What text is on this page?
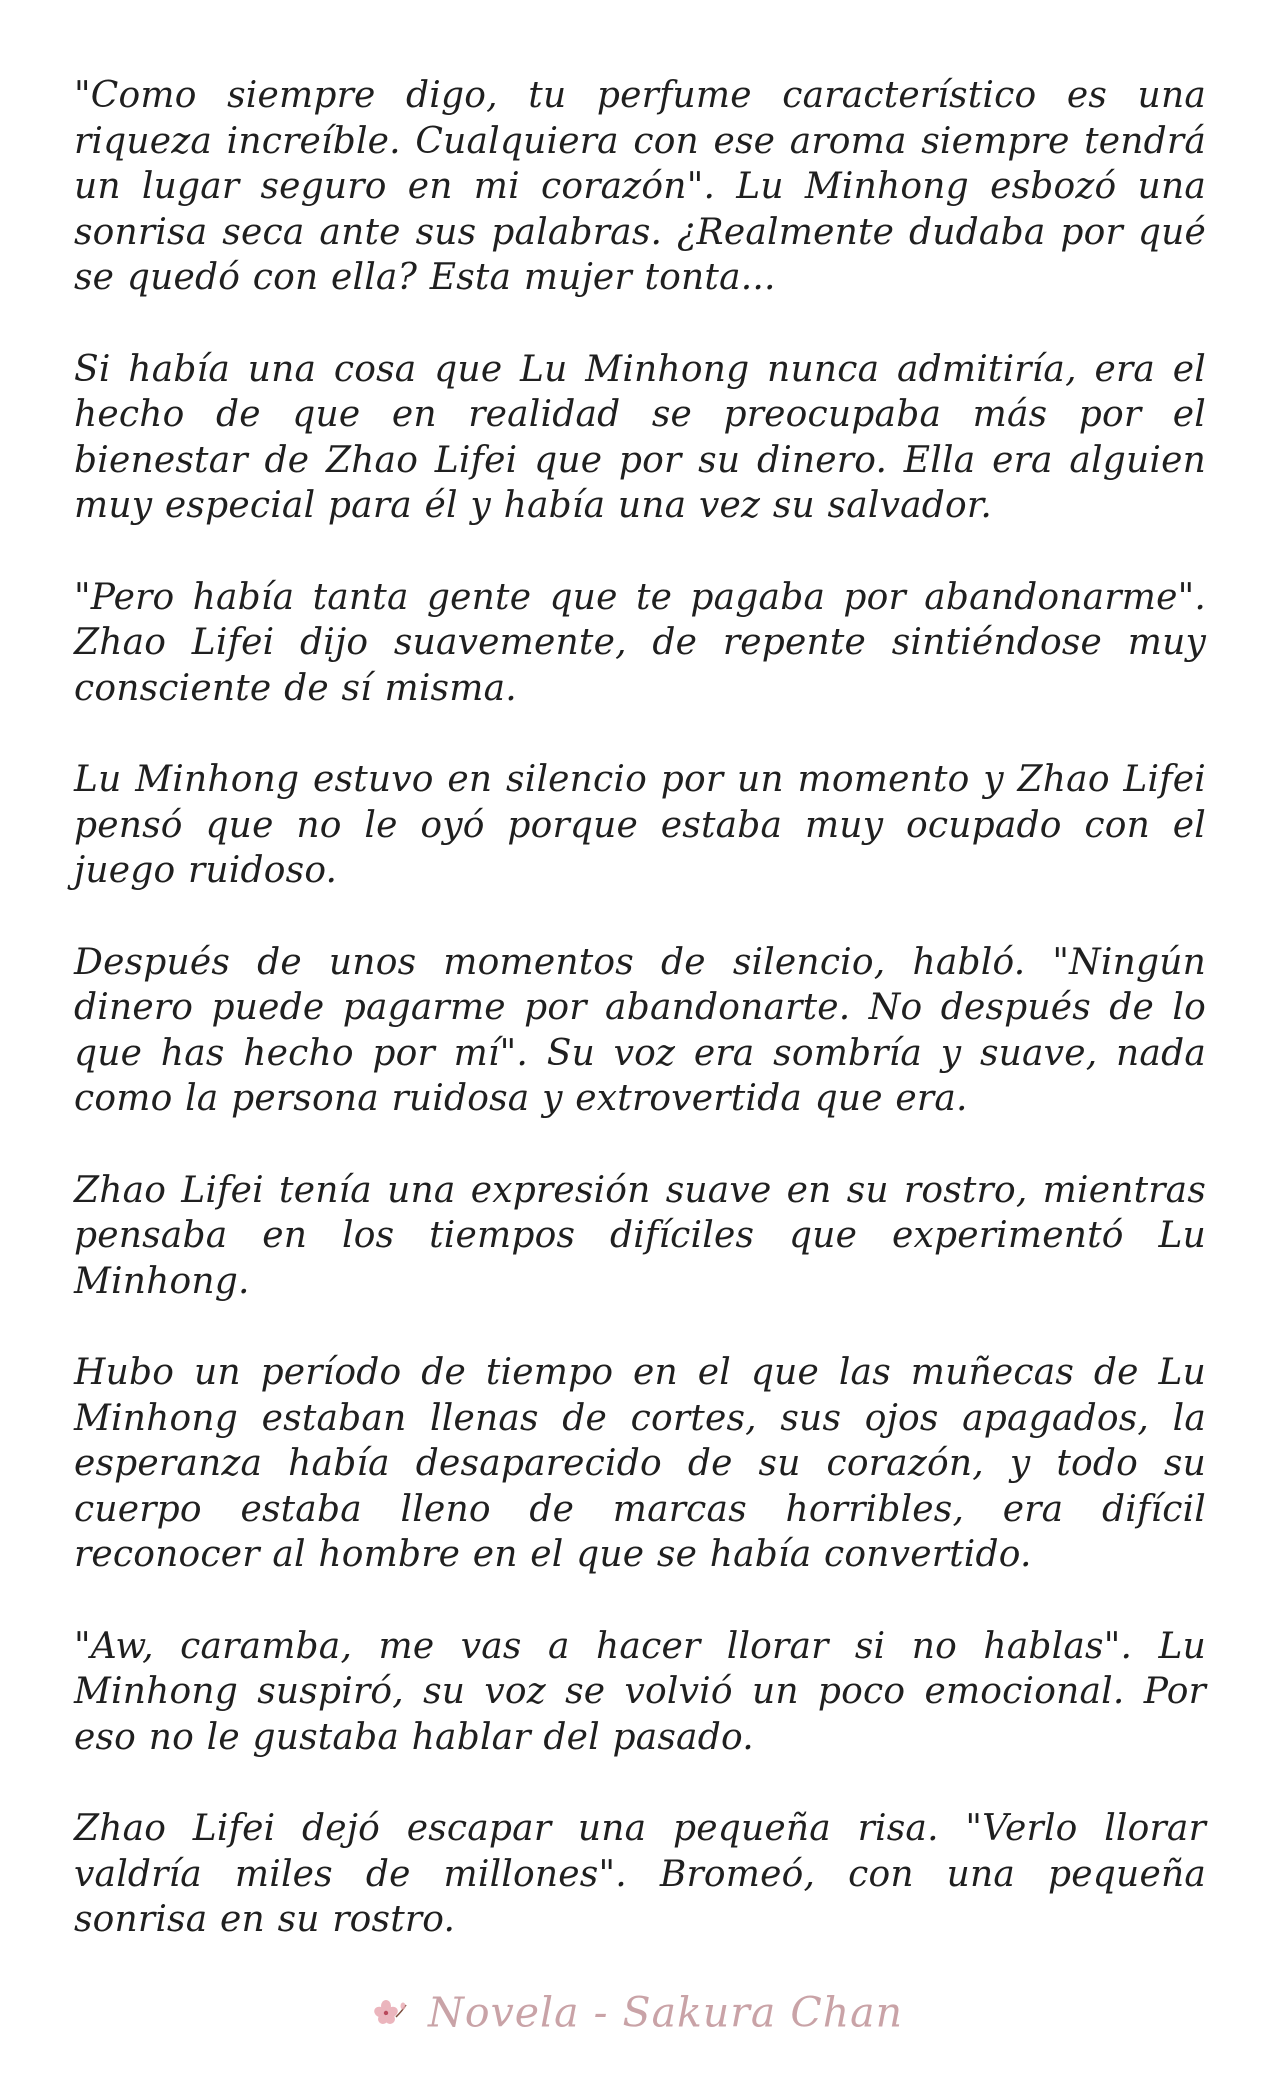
"Como siempre digo, tu perfume característico es una riqueza increíble. Cualquiera con ese aroma siempre tendrá un lugar seguro en mi corazón". Lu Minhong esbozó una sonrisa seca ante sus palabras. ¿Realmente dudaba por qué se quedó con ella? Esta mujer tonta...

Si había una cosa que Lu Minhong nunca admitiría, era el hecho de que en realidad se preocupaba más por el bienestar de Zhao Lifei que por su dinero. Ella era alguien muy especial para él y había una vez su salvador.

"Pero había tanta gente que te pagaba por abandonarme". Zhao Lifei dijo suavemente, de repente sintiéndose muy consciente de sí misma.

Lu Minhong estuvo en silencio por un momento y Zhao Lifei pensó que no le oyó porque estaba muy ocupado con el juego ruidoso.

Después de unos momentos de silencio, habló. "Ningún dinero puede pagarme por abandonarte. No después de lo que has hecho por mí". Su voz era sombría y suave, nada como la persona ruidosa y extrovertida que era.

Zhao Lifei tenía una expresión suave en su rostro, mientras pensaba en los tiempos difíciles que experimentó Lu Minhong.

Hubo un período de tiempo en el que las muñecas de Lu Minhong estaban llenas de cortes, sus ojos apagados, la esperanza había desaparecido de su corazón, y todo su cuerpo estaba lleno de marcas horribles, era difícil reconocer al hombre en el que se había convertido.

"Aw, caramba, me vas a hacer llorar si no hablas". Lu Minhong suspiró, su voz se volvió un poco emocional. Por eso no le gustaba hablar del pasado.

Zhao Lifei dejó escapar una pequeña risa. "Verlo llorar valdría miles de millones". Bromeó, con una pequeña sonrisa en su rostro.

Novela - Sakura Chan
